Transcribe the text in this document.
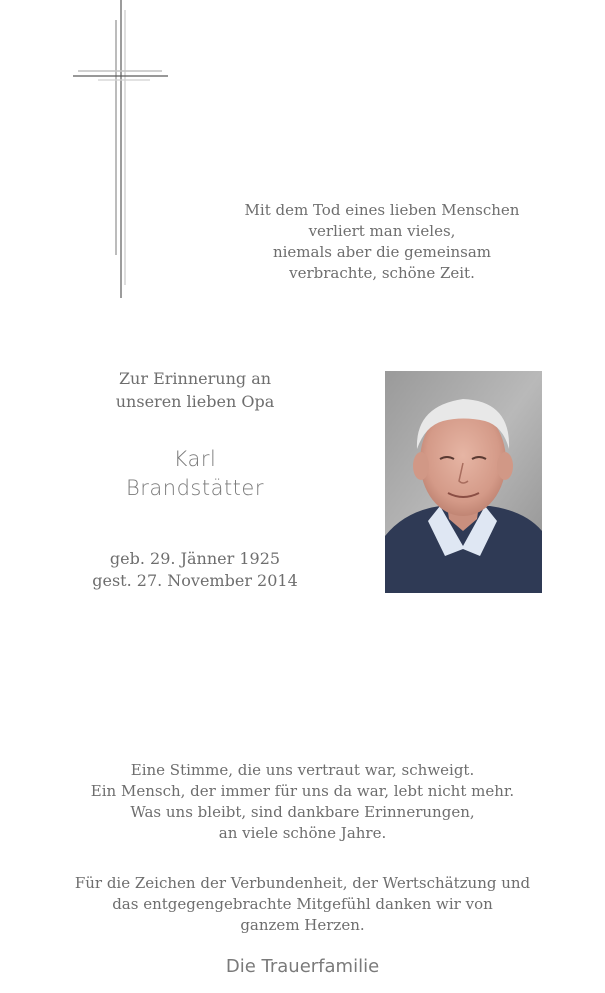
Mit dem Tod eines lieben Menschen
verliert man vieles,
niemals aber die gemeinsam
verbrachte, schöne Zeit.
Zur Erinnerung an
unseren lieben Opa
Karl
Brandstätter
geb. 29. Jänner 1925
gest. 27. November 2014
Eine Stimme, die uns vertraut war, schweigt.
Ein Mensch, der immer für uns da war, lebt nicht mehr.
Was uns bleibt, sind dankbare Erinnerungen,
an viele schöne Jahre.
Für die Zeichen der Verbundenheit, der Wertschätzung und
das entgegengebrachte Mitgefühl danken wir von
ganzem Herzen.
Die Trauerfamilie
